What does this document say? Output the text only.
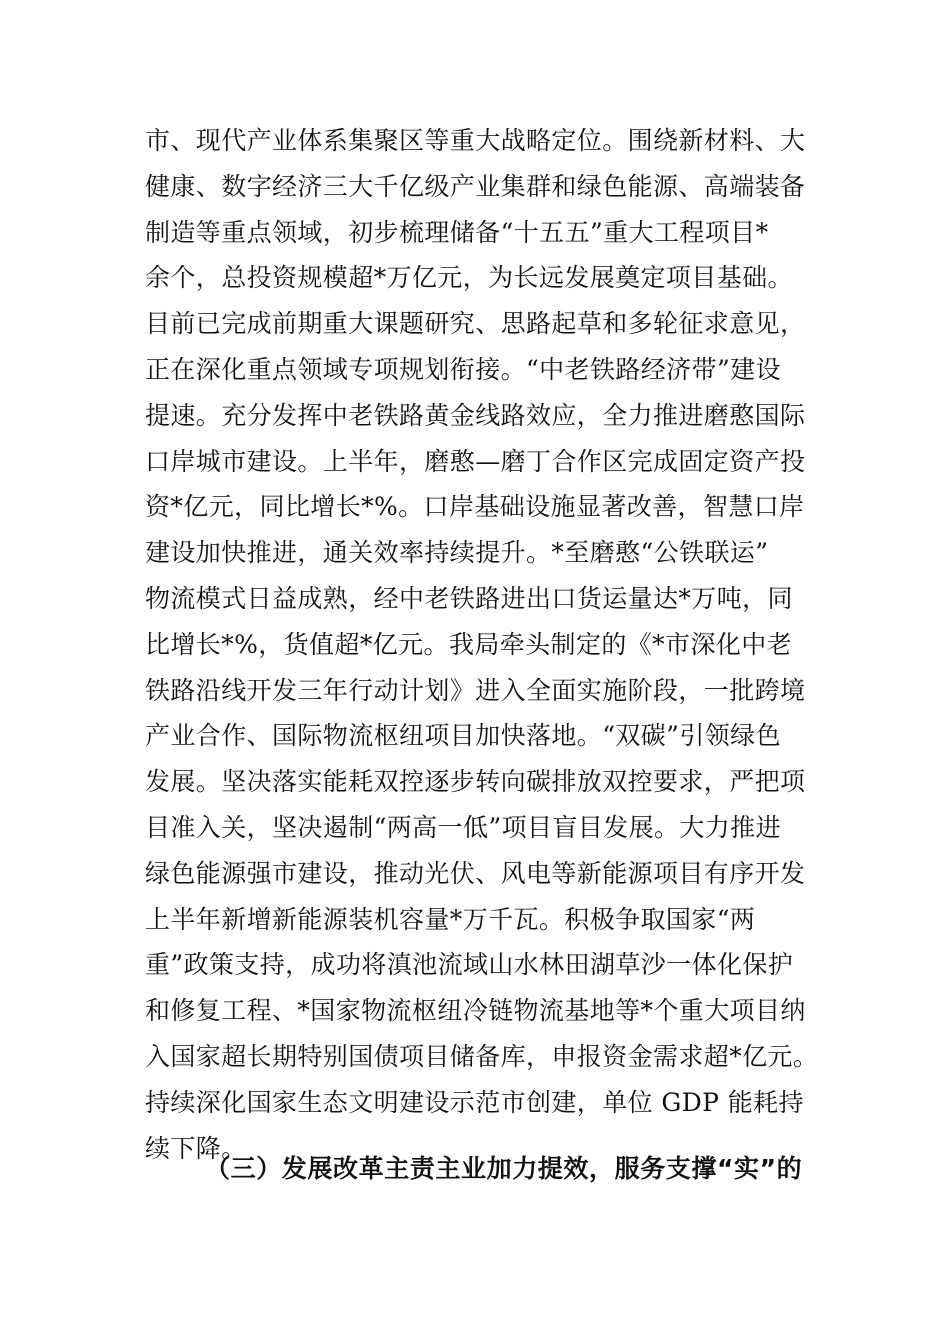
市、现代产业体系集聚区等重大战略定位。围绕新材料、大
健康、数字经济三大千亿级产业集群和绿色能源、高端装备
制造等重点领域，初步梳理储备“十五五”重大工程项目*
余个，总投资规模超*万亿元，为长远发展奠定项目基础。
目前已完成前期重大课题研究、思路起草和多轮征求意见，
正在深化重点领域专项规划衔接。“中老铁路经济带”建设
提速。充分发挥中老铁路黄金线路效应，全力推进磨憨国际
口岸城市建设。上半年，磨憨—磨丁合作区完成固定资产投
资*亿元，同比增长*%。口岸基础设施显著改善，智慧口岸
建设加快推进，通关效率持续提升。*至磨憨“公铁联运”
物流模式日益成熟，经中老铁路进出口货运量达*万吨，同
比增长*%，货值超*亿元。我局牵头制定的《*市深化中老
铁路沿线开发三年行动计划》进入全面实施阶段，一批跨境
产业合作、国际物流枢纽项目加快落地。“双碳”引领绿色
发展。坚决落实能耗双控逐步转向碳排放双控要求，严把项
目准入关，坚决遏制“两高一低”项目盲目发展。大力推进
绿色能源强市建设，推动光伏、风电等新能源项目有序开发
上半年新增新能源装机容量*万千瓦。积极争取国家“两
重”政策支持，成功将滇池流域山水林田湖草沙一体化保护
和修复工程、*国家物流枢纽冷链物流基地等*个重大项目纳
入国家超长期特别国债项目储备库，申报资金需求超*亿元。
持续深化国家生态文明建设示范市创建，单位 GDP 能耗持
续下降。
（三）发展改革主责主业加力提效，服务支撑“实”的
